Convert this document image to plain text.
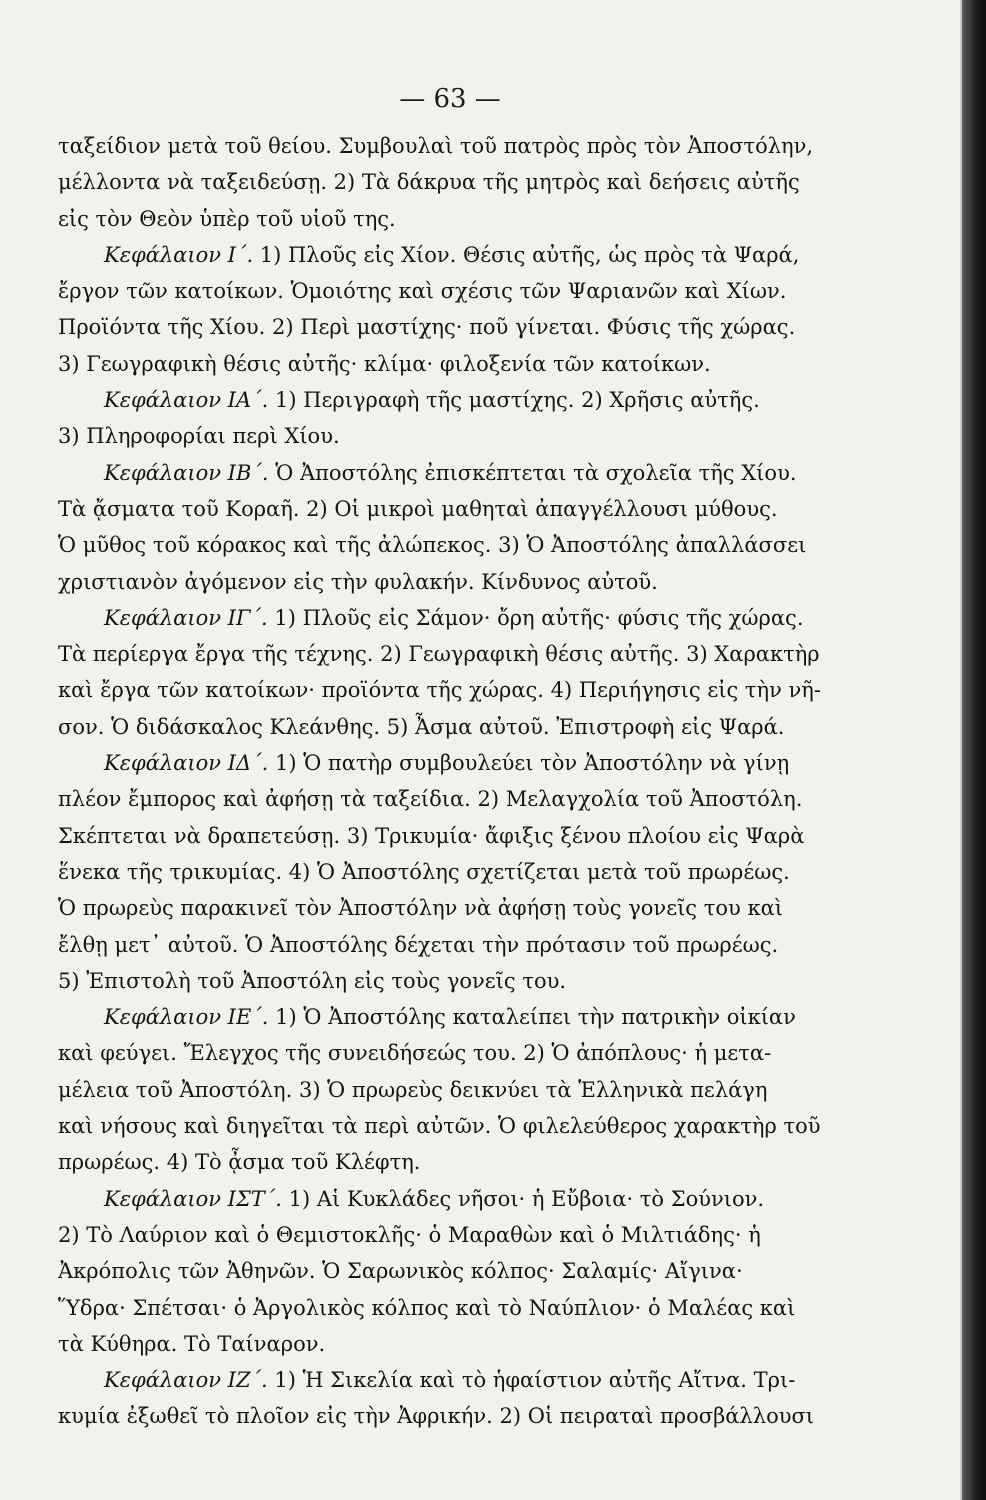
— 63 —
ταξείδιον μετὰ τοῦ θείου. Συμβουλαὶ τοῦ πατρὸς πρὸς τὸν Ἀποστόλην,
μέλλοντα νὰ ταξειδεύσῃ. 2) Τὰ δάκρυα τῆς μητρὸς καὶ δεήσεις αὐτῆς
εἰς τὸν Θεὸν ὑπὲρ τοῦ υἱοῦ της.
Κεφάλαιον Ι΄. 1) Πλοῦς εἰς Χίον. Θέσις αὐτῆς, ὡς πρὸς τὰ Ψαρά,
ἔργον τῶν κατοίκων. Ὁμοιότης καὶ σχέσις τῶν Ψαριανῶν καὶ Χίων.
Προϊόντα τῆς Χίου. 2) Περὶ μαστίχης· ποῦ γίνεται. Φύσις τῆς χώρας.
3) Γεωγραφικὴ θέσις αὐτῆς· κλίμα· φιλοξενία τῶν κατοίκων.
Κεφάλαιον ΙΑ΄. 1) Περιγραφὴ τῆς μαστίχης. 2) Χρῆσις αὐτῆς.
3) Πληροφορίαι περὶ Χίου.
Κεφάλαιον ΙΒ΄. Ὁ Ἀποστόλης ἐπισκέπτεται τὰ σχολεῖα τῆς Χίου.
Τὰ ᾄσματα τοῦ Κοραῆ. 2) Οἱ μικροὶ μαθηταὶ ἀπαγγέλλουσι μύθους.
Ὁ μῦθος τοῦ κόρακος καὶ τῆς ἀλώπεκος. 3) Ὁ Ἀποστόλης ἀπαλλάσσει
χριστιανὸν ἀγόμενον εἰς τὴν φυλακήν. Κίνδυνος αὐτοῦ.
Κεφάλαιον ΙΓ΄. 1) Πλοῦς εἰς Σάμον· ὄρη αὐτῆς· φύσις τῆς χώρας.
Τὰ περίεργα ἔργα τῆς τέχνης. 2) Γεωγραφικὴ θέσις αὐτῆς. 3) Χαρακτὴρ
καὶ ἔργα τῶν κατοίκων· προϊόντα τῆς χώρας. 4) Περιήγησις εἰς τὴν νῆ-
σον. Ὁ διδάσκαλος Κλεάνθης. 5) Ἆσμα αὐτοῦ. Ἐπιστροφὴ εἰς Ψαρά.
Κεφάλαιον ΙΔ΄. 1) Ὁ πατὴρ συμβουλεύει τὸν Ἀποστόλην νὰ γίνῃ
πλέον ἔμπορος καὶ ἀφήσῃ τὰ ταξείδια. 2) Μελαγχολία τοῦ Ἀποστόλη.
Σκέπτεται νὰ δραπετεύσῃ. 3) Τρικυμία· ἄφιξις ξένου πλοίου εἰς Ψαρὰ
ἕνεκα τῆς τρικυμίας. 4) Ὁ Ἀποστόλης σχετίζεται μετὰ τοῦ πρωρέως.
Ὁ πρωρεὺς παρακινεῖ τὸν Ἀποστόλην νὰ ἀφήσῃ τοὺς γονεῖς του καὶ
ἔλθῃ μετ᾽ αὐτοῦ. Ὁ Ἀποστόλης δέχεται τὴν πρότασιν τοῦ πρωρέως.
5) Ἐπιστολὴ τοῦ Ἀποστόλη εἰς τοὺς γονεῖς του.
Κεφάλαιον ΙΕ΄. 1) Ὁ Ἀποστόλης καταλείπει τὴν πατρικὴν οἰκίαν
καὶ φεύγει. Ἔλεγχος τῆς συνειδήσεώς του. 2) Ὁ ἀπόπλους· ἡ μετα-
μέλεια τοῦ Ἀποστόλη. 3) Ὁ πρωρεὺς δεικνύει τὰ Ἑλληνικὰ πελάγη
καὶ νήσους καὶ διηγεῖται τὰ περὶ αὐτῶν. Ὁ φιλελεύθερος χαρακτὴρ τοῦ
πρωρέως. 4) Τὸ ᾆσμα τοῦ Κλέφτη.
Κεφάλαιον ΙΣΤ΄. 1) Αἱ Κυκλάδες νῆσοι· ἡ Εὔβοια· τὸ Σούνιον.
2) Τὸ Λαύριον καὶ ὁ Θεμιστοκλῆς· ὁ Μαραθὼν καὶ ὁ Μιλτιάδης· ἡ
Ἀκρόπολις τῶν Ἀθηνῶν. Ὁ Σαρωνικὸς κόλπος· Σαλαμίς· Αἴγινα·
Ὕδρα· Σπέτσαι· ὁ Ἀργολικὸς κόλπος καὶ τὸ Ναύπλιον· ὁ Μαλέας καὶ
τὰ Κύθηρα. Τὸ Ταίναρον.
Κεφάλαιον ΙΖ΄. 1) Ἡ Σικελία καὶ τὸ ἡφαίστιον αὐτῆς Αἴτνα. Τρι-
κυμία ἐξωθεῖ τὸ πλοῖον εἰς τὴν Ἀφρικήν. 2) Οἱ πειραταὶ προσβάλλουσι
